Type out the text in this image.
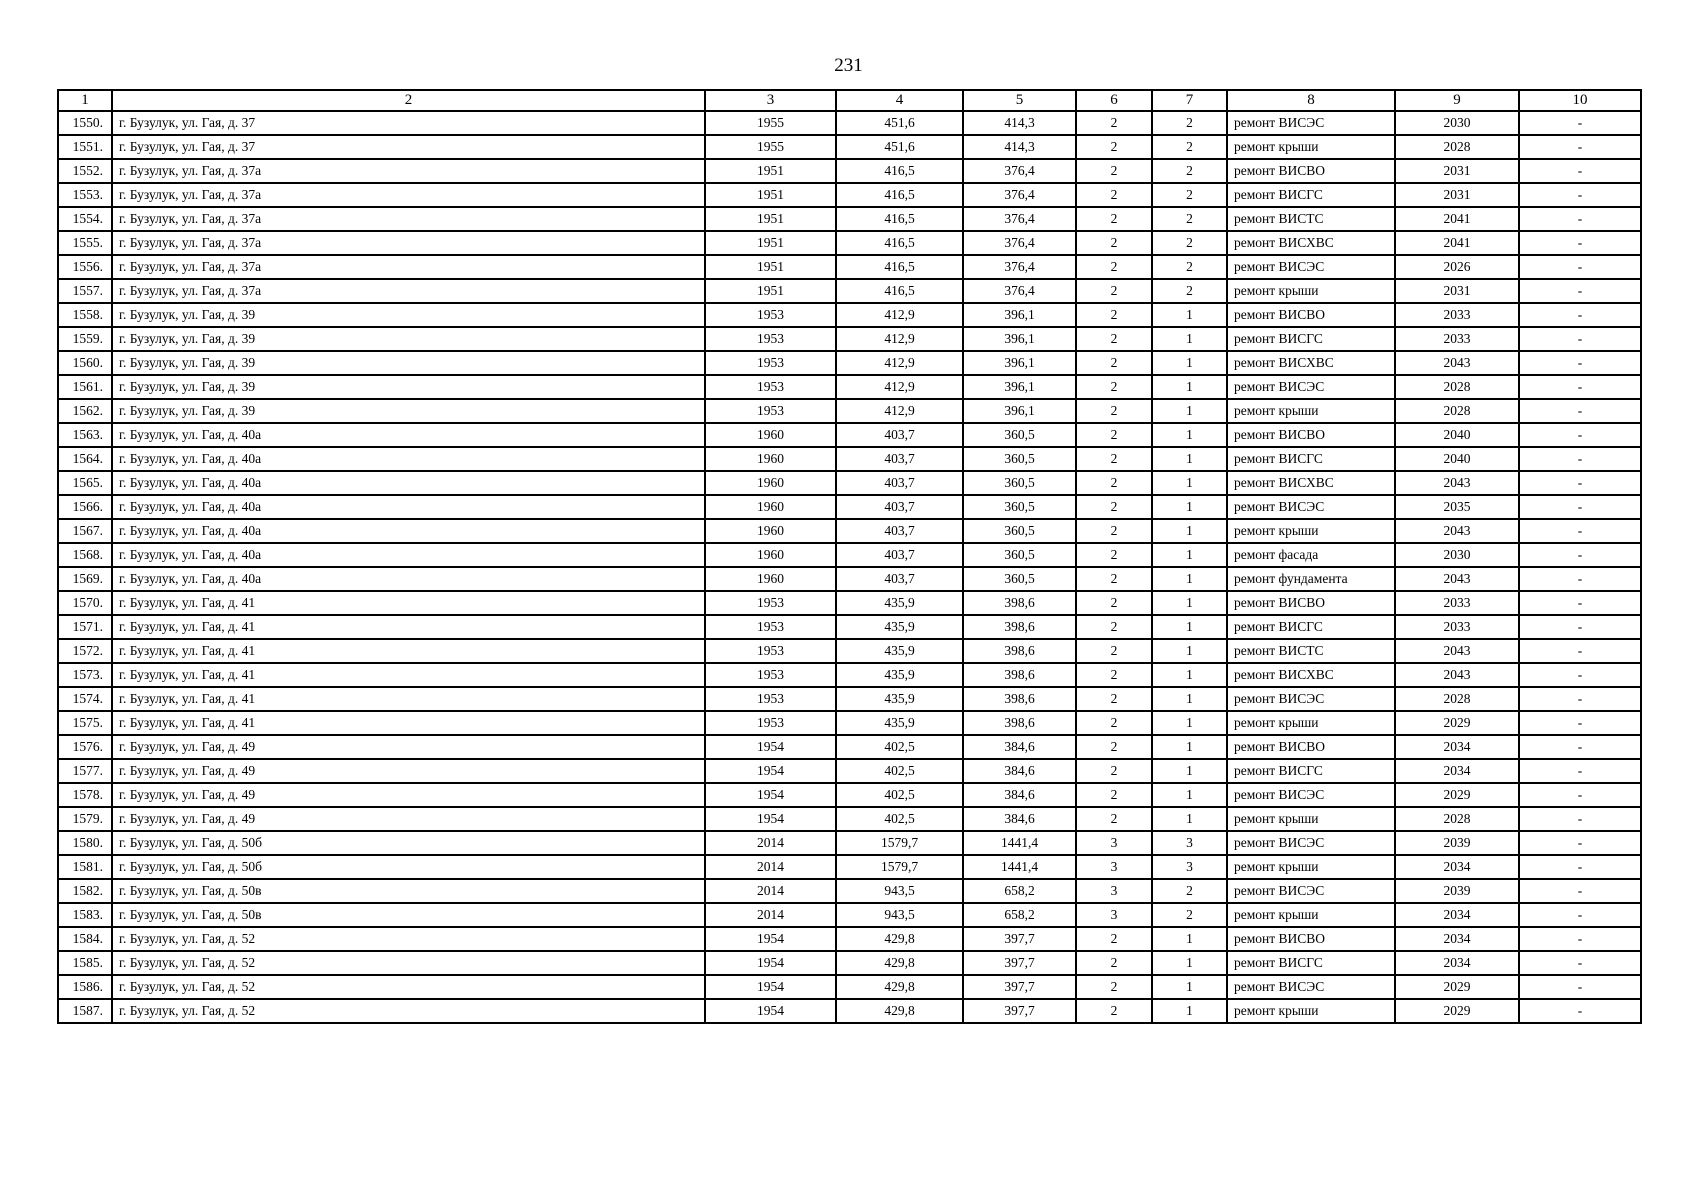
231
1	2	3	4	5	6	7	8	9	10
1550.	г. Бузулук, ул. Гая, д. 37	1955	451,6	414,3	2	2	ремонт ВИСЭС	2030	-
1551.	г. Бузулук, ул. Гая, д. 37	1955	451,6	414,3	2	2	ремонт крыши	2028	-
1552.	г. Бузулук, ул. Гая, д. 37а	1951	416,5	376,4	2	2	ремонт ВИСВО	2031	-
1553.	г. Бузулук, ул. Гая, д. 37а	1951	416,5	376,4	2	2	ремонт ВИСГС	2031	-
1554.	г. Бузулук, ул. Гая, д. 37а	1951	416,5	376,4	2	2	ремонт ВИСТС	2041	-
1555.	г. Бузулук, ул. Гая, д. 37а	1951	416,5	376,4	2	2	ремонт ВИСХВС	2041	-
1556.	г. Бузулук, ул. Гая, д. 37а	1951	416,5	376,4	2	2	ремонт ВИСЭС	2026	-
1557.	г. Бузулук, ул. Гая, д. 37а	1951	416,5	376,4	2	2	ремонт крыши	2031	-
1558.	г. Бузулук, ул. Гая, д. 39	1953	412,9	396,1	2	1	ремонт ВИСВО	2033	-
1559.	г. Бузулук, ул. Гая, д. 39	1953	412,9	396,1	2	1	ремонт ВИСГС	2033	-
1560.	г. Бузулук, ул. Гая, д. 39	1953	412,9	396,1	2	1	ремонт ВИСХВС	2043	-
1561.	г. Бузулук, ул. Гая, д. 39	1953	412,9	396,1	2	1	ремонт ВИСЭС	2028	-
1562.	г. Бузулук, ул. Гая, д. 39	1953	412,9	396,1	2	1	ремонт крыши	2028	-
1563.	г. Бузулук, ул. Гая, д. 40а	1960	403,7	360,5	2	1	ремонт ВИСВО	2040	-
1564.	г. Бузулук, ул. Гая, д. 40а	1960	403,7	360,5	2	1	ремонт ВИСГС	2040	-
1565.	г. Бузулук, ул. Гая, д. 40а	1960	403,7	360,5	2	1	ремонт ВИСХВС	2043	-
1566.	г. Бузулук, ул. Гая, д. 40а	1960	403,7	360,5	2	1	ремонт ВИСЭС	2035	-
1567.	г. Бузулук, ул. Гая, д. 40а	1960	403,7	360,5	2	1	ремонт крыши	2043	-
1568.	г. Бузулук, ул. Гая, д. 40а	1960	403,7	360,5	2	1	ремонт фасада	2030	-
1569.	г. Бузулук, ул. Гая, д. 40а	1960	403,7	360,5	2	1	ремонт фундамента	2043	-
1570.	г. Бузулук, ул. Гая, д. 41	1953	435,9	398,6	2	1	ремонт ВИСВО	2033	-
1571.	г. Бузулук, ул. Гая, д. 41	1953	435,9	398,6	2	1	ремонт ВИСГС	2033	-
1572.	г. Бузулук, ул. Гая, д. 41	1953	435,9	398,6	2	1	ремонт ВИСТС	2043	-
1573.	г. Бузулук, ул. Гая, д. 41	1953	435,9	398,6	2	1	ремонт ВИСХВС	2043	-
1574.	г. Бузулук, ул. Гая, д. 41	1953	435,9	398,6	2	1	ремонт ВИСЭС	2028	-
1575.	г. Бузулук, ул. Гая, д. 41	1953	435,9	398,6	2	1	ремонт крыши	2029	-
1576.	г. Бузулук, ул. Гая, д. 49	1954	402,5	384,6	2	1	ремонт ВИСВО	2034	-
1577.	г. Бузулук, ул. Гая, д. 49	1954	402,5	384,6	2	1	ремонт ВИСГС	2034	-
1578.	г. Бузулук, ул. Гая, д. 49	1954	402,5	384,6	2	1	ремонт ВИСЭС	2029	-
1579.	г. Бузулук, ул. Гая, д. 49	1954	402,5	384,6	2	1	ремонт крыши	2028	-
1580.	г. Бузулук, ул. Гая, д. 50б	2014	1579,7	1441,4	3	3	ремонт ВИСЭС	2039	-
1581.	г. Бузулук, ул. Гая, д. 50б	2014	1579,7	1441,4	3	3	ремонт крыши	2034	-
1582.	г. Бузулук, ул. Гая, д. 50в	2014	943,5	658,2	3	2	ремонт ВИСЭС	2039	-
1583.	г. Бузулук, ул. Гая, д. 50в	2014	943,5	658,2	3	2	ремонт крыши	2034	-
1584.	г. Бузулук, ул. Гая, д. 52	1954	429,8	397,7	2	1	ремонт ВИСВО	2034	-
1585.	г. Бузулук, ул. Гая, д. 52	1954	429,8	397,7	2	1	ремонт ВИСГС	2034	-
1586.	г. Бузулук, ул. Гая, д. 52	1954	429,8	397,7	2	1	ремонт ВИСЭС	2029	-
1587.	г. Бузулук, ул. Гая, д. 52	1954	429,8	397,7	2	1	ремонт крыши	2029	-
